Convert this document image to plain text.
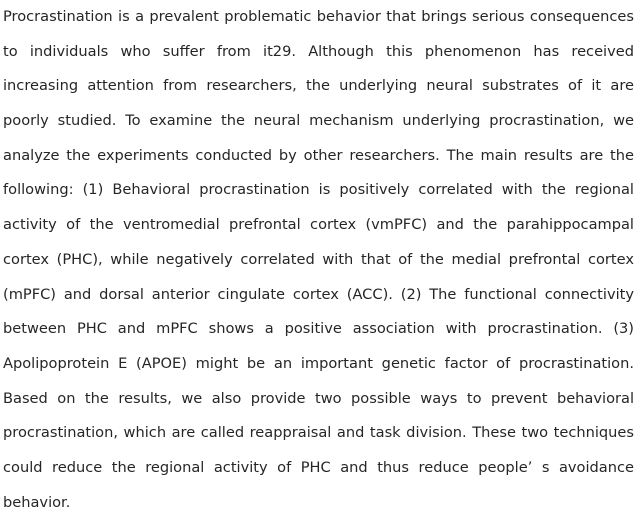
Procrastination is a prevalent problematic behavior that brings serious consequences
to individuals who suffer from it29. Although this phenomenon has received
increasing attention from researchers, the underlying neural substrates of it are
poorly studied. To examine the neural mechanism underlying procrastination, we
analyze the experiments conducted by other researchers. The main results are the
following: (1) Behavioral procrastination is positively correlated with the regional
activity of the ventromedial prefrontal cortex (vmPFC) and the parahippocampal
cortex (PHC), while negatively correlated with that of the medial prefrontal cortex
(mPFC) and dorsal anterior cingulate cortex (ACC). (2) The functional connectivity
between PHC and mPFC shows a positive association with procrastination. (3)
Apolipoprotein E (APOE) might be an important genetic factor of procrastination.
Based on the results, we also provide two possible ways to prevent behavioral
procrastination, which are called reappraisal and task division. These two techniques
could reduce the regional activity of PHC and thus reduce people’ s avoidance
behavior.
